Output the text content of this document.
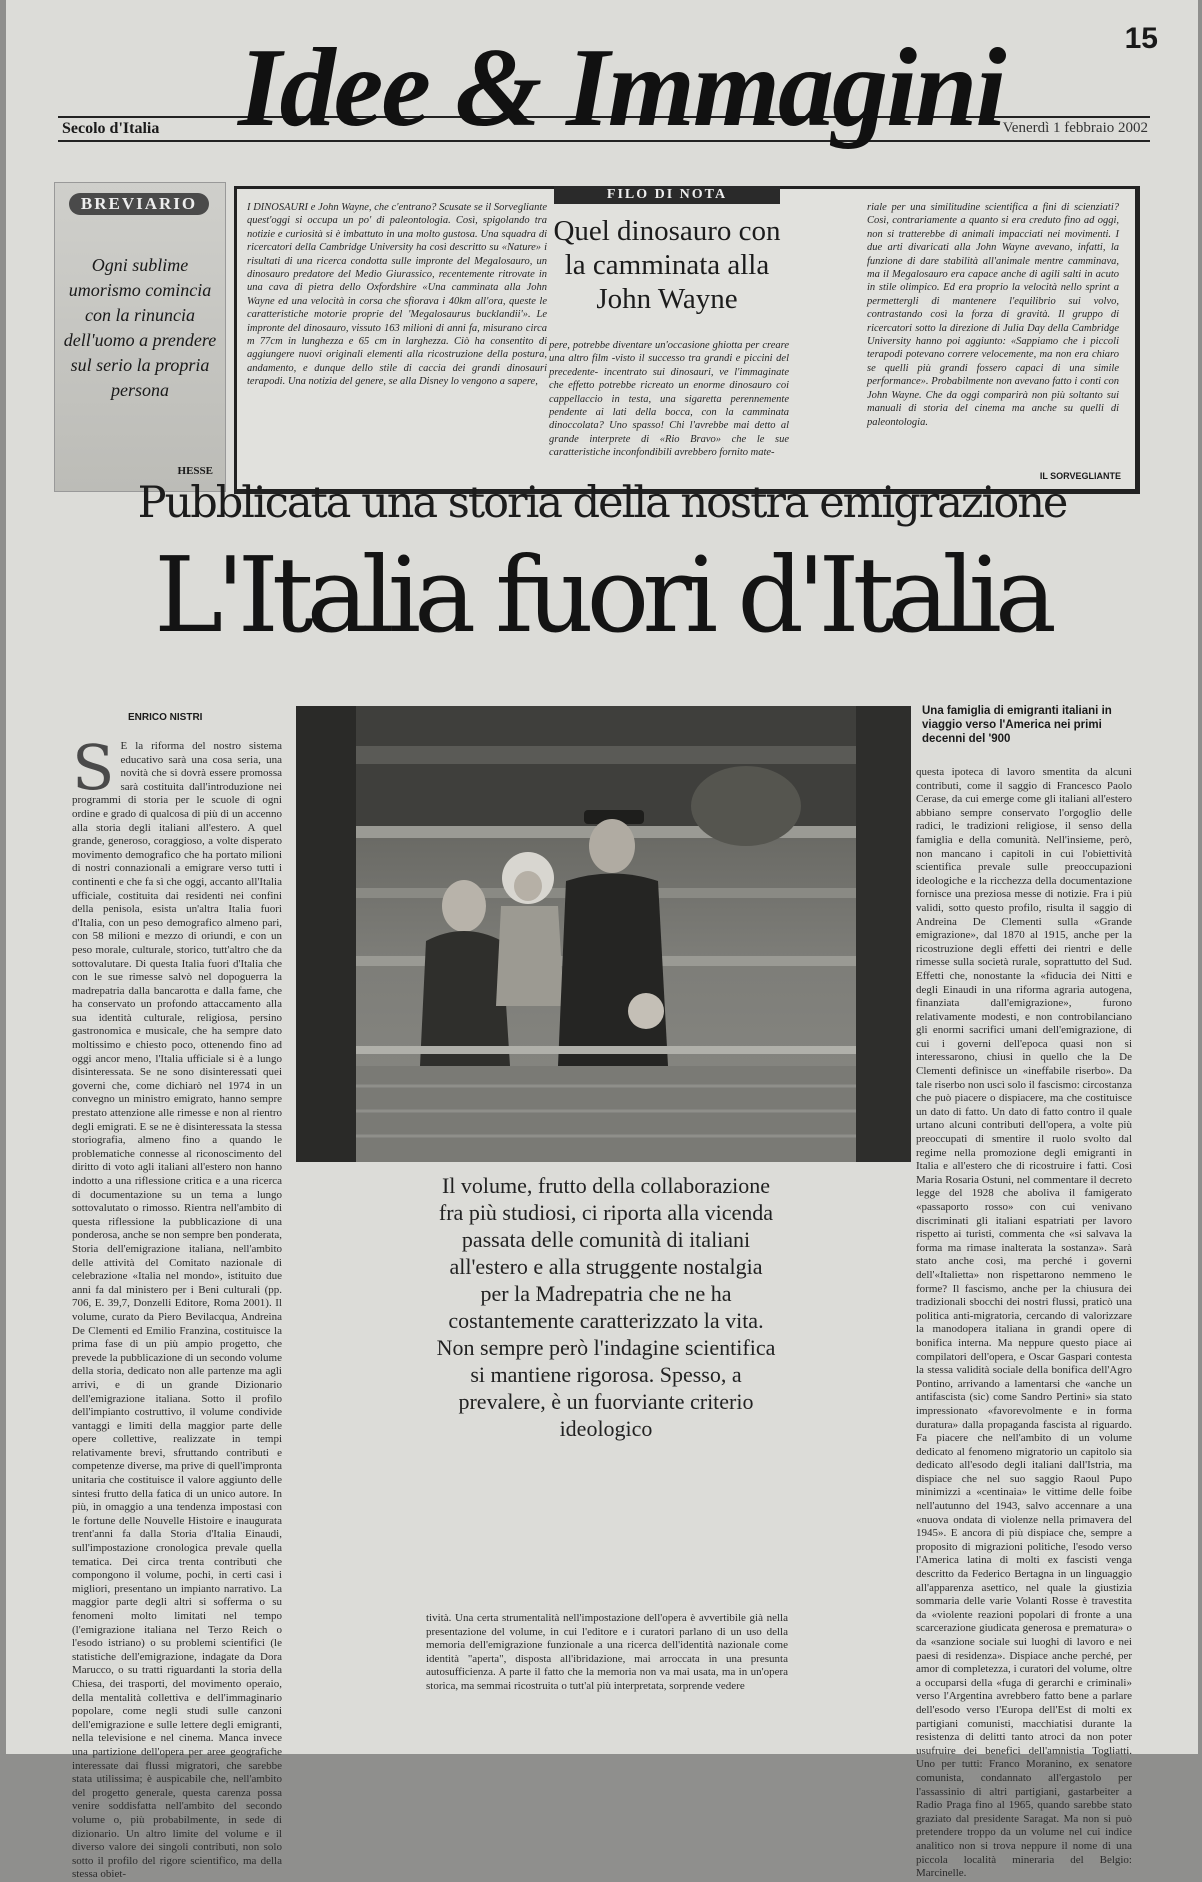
15
Idee & Immagini
Secolo d'Italia	Venerdì 1 febbraio 2002
BREVIARIO
Ogni sublime umorismo comincia con la rinuncia dell'uomo a prendere sul serio la propria persona
HESSE
I DINOSAURI e John Wayne, che c'entrano? Scusate se il Sorvegliante quest'oggi si occupa un po' di paleontologia. Così, spigolando tra notizie e curiosità si è imbattuto in una molto gustosa. Una squadra di ricercatori della Cambridge University ha così descritto su «Nature» i risultati di una ricerca condotta sulle impronte del Megalosauro, un dinosauro predatore del Medio Giurassico, recentemente ritrovate in una cava di pietra dello Oxfordshire «Una camminata alla John Wayne ed una velocità in corsa che sfiorava i 40km all'ora, queste le caratteristiche motorie proprie del 'Megalosaurus bucklandii'». Le impronte del dinosauro, vissuto 163 milioni di anni fa, misurano circa m 77cm in lunghezza e 65 cm in larghezza. Ciò ha consentito di aggiungere nuovi originali elementi alla ricostruzione della postura, andamento, e dunque dello stile di caccia dei grandi dinosauri terapodi. Una notizia del genere, se alla Disney lo vengono a sapere,
pere, potrebbe diventare un'occasione ghiotta per creare una altro film -visto il successo tra grandi e piccini del precedente- incentrato sui dinosauri, ve l'immaginate che effetto potrebbe ricreato un enorme dinosauro coi cappellaccio in testa, una sigaretta perennemente pendente ai lati della bocca, con la camminata dinoccolata? Uno spasso! Chi l'avrebbe mai detto al grande interprete di «Rio Bravo» che le sue caratteristiche inconfondibili avrebbero fornito mate-
riale per una similitudine scientifica a fini di scienziati? Così, contrariamente a quanto si era creduto fino ad oggi, non si tratterebbe di animali impacciati nei movimenti. I due arti divaricati alla John Wayne avevano, infatti, la funzione di dare stabilità all'animale mentre camminava, ma il Megalosauro era capace anche di agili salti in acuto in stile olimpico. Ed era proprio la velocità nello sprint a permettergli di mantenere l'equilibrio sui volvo, contrastando così la forza di gravità. Il gruppo di ricercatori sotto la direzione di Julia Day della Cambridge University hanno poi aggiunto: «Sappiamo che i piccoli terapodi potevano correre velocemente, ma non era chiaro se quelli più grandi fossero capaci di una simile performance». Probabilmente non avevano fatto i conti con John Wayne. Che da oggi comparirà non più soltanto sui manuali di storia del cinema ma anche su quelli di paleontologia.
IL SORVEGLIANTE
FILO DI NOTA
Quel dinosauro con la camminata alla John Wayne
Pubblicata una storia della nostra emigrazione
L'Italia fuori d'Italia
ENRICO NISTRI
S E la riforma del nostro sistema educativo sarà una cosa seria, una novità che si dovrà essere promossa sarà costituita dall'introduzione nei programmi di storia per le scuole di ogni ordine e grado di qualcosa di più di un accenno alla storia degli italiani all'estero. A quel grande, generoso, coraggioso, a volte disperato movimento demografico che ha portato milioni di nostri connazionali a emigrare verso tutti i continenti e che fa sì che oggi, accanto all'Italia ufficiale, costituita dai residenti nei confini della penisola, esista un'altra Italia fuori d'Italia, con un peso demografico almeno pari, con 58 milioni e mezzo di oriundi, e con un peso morale, culturale, storico, tutt'altro che da sottovalutare. Di questa Italia fuori d'Italia che con le sue rimesse salvò nel dopoguerra la madrepatria dalla bancarotta e dalla fame, che ha conservato un profondo attaccamento alla sua identità culturale, religiosa, persino gastronomica e musicale, che ha sempre dato moltissimo e chiesto poco, ottenendo fino ad oggi ancor meno, l'Italia ufficiale si è a lungo disinteressata. Se ne sono disinteressati quei governi che, come dichiarò nel 1974 in un convegno un ministro emigrato, hanno sempre prestato attenzione alle rimesse e non al rientro degli emigrati. E se ne è disinteressata la stessa storiografia, almeno fino a quando le problematiche connesse al riconoscimento del diritto di voto agli italiani all'estero non hanno indotto a una riflessione critica e a una ricerca di documentazione su un tema a lungo sottovalutato o rimosso. Rientra nell'ambito di questa riflessione la pubblicazione di una ponderosa, anche se non sempre ben ponderata, Storia dell'emigrazione italiana, nell'ambito delle attività del Comitato nazionale di celebrazione «Italia nel mondo», istituito due anni fa dal ministero per i Beni culturali (pp. 706, E. 39,7, Donzelli Editore, Roma 2001). Il volume, curato da Piero Bevilacqua, Andreina De Clementi ed Emilio Franzina, costituisce la prima fase di un più ampio progetto, che prevede la pubblicazione di un secondo volume della storia, dedicato non alle partenze ma agli arrivi, e di un grande Dizionario dell'emigrazione italiana. Sotto il profilo dell'impianto costruttivo, il volume condivide vantaggi e limiti della maggior parte delle opere collettive, realizzate in tempi relativamente brevi, sfruttando contributi e competenze diverse, ma prive di quell'impronta unitaria che costituisce il valore aggiunto delle sintesi frutto della fatica di un unico autore. In più, in omaggio a una tendenza impostasi con le fortune delle Nouvelle Histoire e inaugurata trent'anni fa dalla Storia d'Italia Einaudi, sull'impostazione cronologica prevale quella tematica. Dei circa trenta contributi che compongono il volume, pochi, in certi casi i migliori, presentano un impianto narrativo. La maggior parte degli altri si sofferma o su fenomeni molto limitati nel tempo (l'emigrazione italiana nel Terzo Reich o l'esodo istriano) o su problemi scientifici (le statistiche dell'emigrazione, indagate da Dora Marucco, o su tratti riguardanti la storia della Chiesa, dei trasporti, del movimento operaio, della mentalità collettiva e dell'immaginario popolare, come negli studi sulle canzoni dell'emigrazione e sulle lettere degli emigranti, nella televisione e nel cinema. Manca invece una partizione dell'opera per aree geografiche interessate dai flussi migratori, che sarebbe stata utilissima; è auspicabile che, nell'ambito del progetto generale, questa carenza possa venire soddisfatta nell'ambito del secondo volume o, più probabilmente, in sede di dizionario. Un altro limite del volume e il diverso valore dei singoli contributi, non solo sotto il profilo del rigore scientifico, ma della stessa obiet-
Una famiglia di emigranti italiani in viaggio verso l'America nei primi decenni del '900
questa ipoteca di lavoro smentita da alcuni contributi, come il saggio di Francesco Paolo Cerase, da cui emerge come gli italiani all'estero abbiano sempre conservato l'orgoglio delle radici, le tradizioni religiose, il senso della famiglia e della comunità. Nell'insieme, però, non mancano i capitoli in cui l'obiettività scientifica prevale sulle preoccupazioni ideologiche e la ricchezza della documentazione fornisce una preziosa messe di notizie. Fra i più validi, sotto questo profilo, risulta il saggio di Andreina De Clementi sulla «Grande emigrazione», dal 1870 al 1915, anche per la ricostruzione degli effetti dei rientri e delle rimesse sulla società rurale, soprattutto del Sud. Effetti che, nonostante la «fiducia dei Nitti e degli Einaudi in una riforma agraria autogena, finanziata dall'emigrazione», furono relativamente modesti, e non controbilanciano gli enormi sacrifici umani dell'emigrazione, di cui i governi dell'epoca quasi non si interessarono, chiusi in quello che la De Clementi definisce un «ineffabile riserbo». Da tale riserbo non uscì solo il fascismo: circostanza che può piacere o dispiacere, ma che costituisce un dato di fatto. Un dato di fatto contro il quale urtano alcuni contributi dell'opera, a volte più preoccupati di smentire il ruolo svolto dal regime nella promozione degli emigranti in Italia e all'estero che di ricostruire i fatti. Così Maria Rosaria Ostuni, nel commentare il decreto legge del 1928 che aboliva il famigerato «passaporto rosso» con cui venivano discriminati gli italiani espatriati per lavoro rispetto ai turisti, commenta che «si salvava la forma ma rimase inalterata la sostanza». Sarà stato anche così, ma perché i governi dell'«Italietta» non rispettarono nemmeno le forme? Il fascismo, anche per la chiusura dei tradizionali sbocchi dei nostri flussi, praticò una politica anti-migratoria, cercando di valorizzare la manodopera italiana in grandi opere di bonifica interna. Ma neppure questo piace ai compilatori dell'opera, e Oscar Gaspari contesta la stessa validità sociale della bonifica dell'Agro Pontino, arrivando a lamentarsi che «anche un antifascista (sic) come Sandro Pertini» sia stato impressionato «favorevolmente e in forma duratura» dalla propaganda fascista al riguardo. Fa piacere che nell'ambito di un volume dedicato al fenomeno migratorio un capitolo sia dedicato all'esodo degli italiani dall'Istria, ma dispiace che nel suo saggio Raoul Pupo minimizzi a «centinaia» le vittime delle foibe nell'autunno del 1943, salvo accennare a una «nuova ondata di violenze nella primavera del 1945». E ancora di più dispiace che, sempre a proposito di migrazioni politiche, l'esodo verso l'America latina di molti ex fascisti venga descritto da Federico Bertagna in un linguaggio all'apparenza asettico, nel quale la giustizia sommaria delle varie Volanti Rosse è travestita da «violente reazioni popolari di fronte a una scarcerazione giudicata generosa e prematura» o da «sanzione sociale sui luoghi di lavoro e nei paesi di residenza». Dispiace anche perché, per amor di completezza, i curatori del volume, oltre a occuparsi della «fuga di gerarchi e criminali» verso l'Argentina avrebbero fatto bene a parlare dell'esodo verso l'Europa dell'Est di molti ex partigiani comunisti, macchiatisi durante la resistenza di delitti tanto atroci da non poter usufruire dei benefici dell'amnistia Togliatti. Uno per tutti: Franco Moranino, ex senatore comunista, condannato all'ergastolo per l'assassinio di altri partigiani, gastarbeiter a Radio Praga fino al 1965, quando sarebbe stato graziato dal presidente Saragat. Ma non si può pretendere troppo da un volume nel cui indice analitico non si trova neppure il nome di una piccola località mineraria del Belgio: Marcinelle.
Il volume, frutto della collaborazione fra più studiosi, ci riporta alla vicenda passata delle comunità di italiani all'estero e alla struggente nostalgia per la Madrepatria che ne ha costantemente caratterizzato la vita. Non sempre però l'indagine scientifica si mantiene rigorosa. Spesso, a prevalere, è un fuorviante criterio ideologico
tività. Una certa strumentalità nell'impostazione dell'opera è avvertibile già nella presentazione del volume, in cui l'editore e i curatori parlano di un uso della memoria dell'emigrazione funzionale a una ricerca dell'identità nazionale come identità "aperta", disposta all'ibridazione, mai arroccata in una presunta autosufficienza. A parte il fatto che la memoria non va mai usata, ma in un'opera storica, ma semmai ricostruita o tutt'al più interpretata, sorprende vedere
